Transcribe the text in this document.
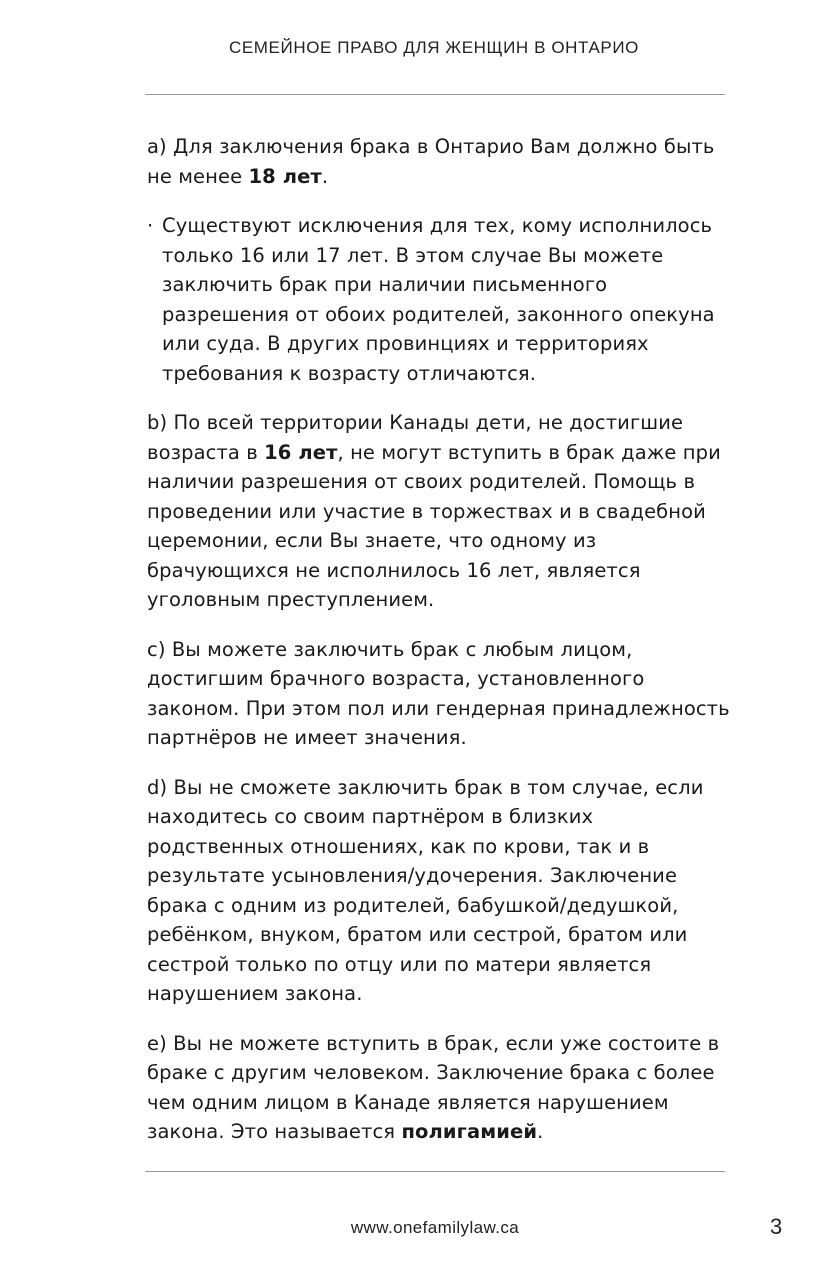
СЕМЕЙНОЕ ПРАВО ДЛЯ ЖЕНЩИН В ОНТАРИО

a) Для заключения брака в Онтарио Вам должно быть не менее 18 лет.

· Существуют исключения для тех, кому исполнилось только 16 или 17 лет. В этом случае Вы можете заключить брак при наличии письменного разрешения от обоих родителей, законного опекуна или суда. В других провинциях и территориях требования к возрасту отличаются.

b) По всей территории Канады дети, не достигшие возраста в 16 лет, не могут вступить в брак даже при наличии разрешения от своих родителей. Помощь в проведении или участие в торжествах и в свадебной церемонии, если Вы знаете, что одному из брачующихся не исполнилось 16 лет, является уголовным преступлением.

c) Вы можете заключить брак с любым лицом, достигшим брачного возраста, установленного законом. При этом пол или гендерная принадлежность партнёров не имеет значения.

d) Вы не сможете заключить брак в том случае, если находитесь со своим партнёром в близких родственных отношениях, как по крови, так и в результате усыновления/удочерения. Заключение брака с одним из родителей, бабушкой/дедушкой, ребёнком, внуком, братом или сестрой, братом или сестрой только по отцу или по матери является нарушением закона.

e) Вы не можете вступить в брак, если уже состоите в браке с другим человеком. Заключение брака с более чем одним лицом в Канаде является нарушением закона. Это называется полигамией.

www.onefamilylaw.ca	3
